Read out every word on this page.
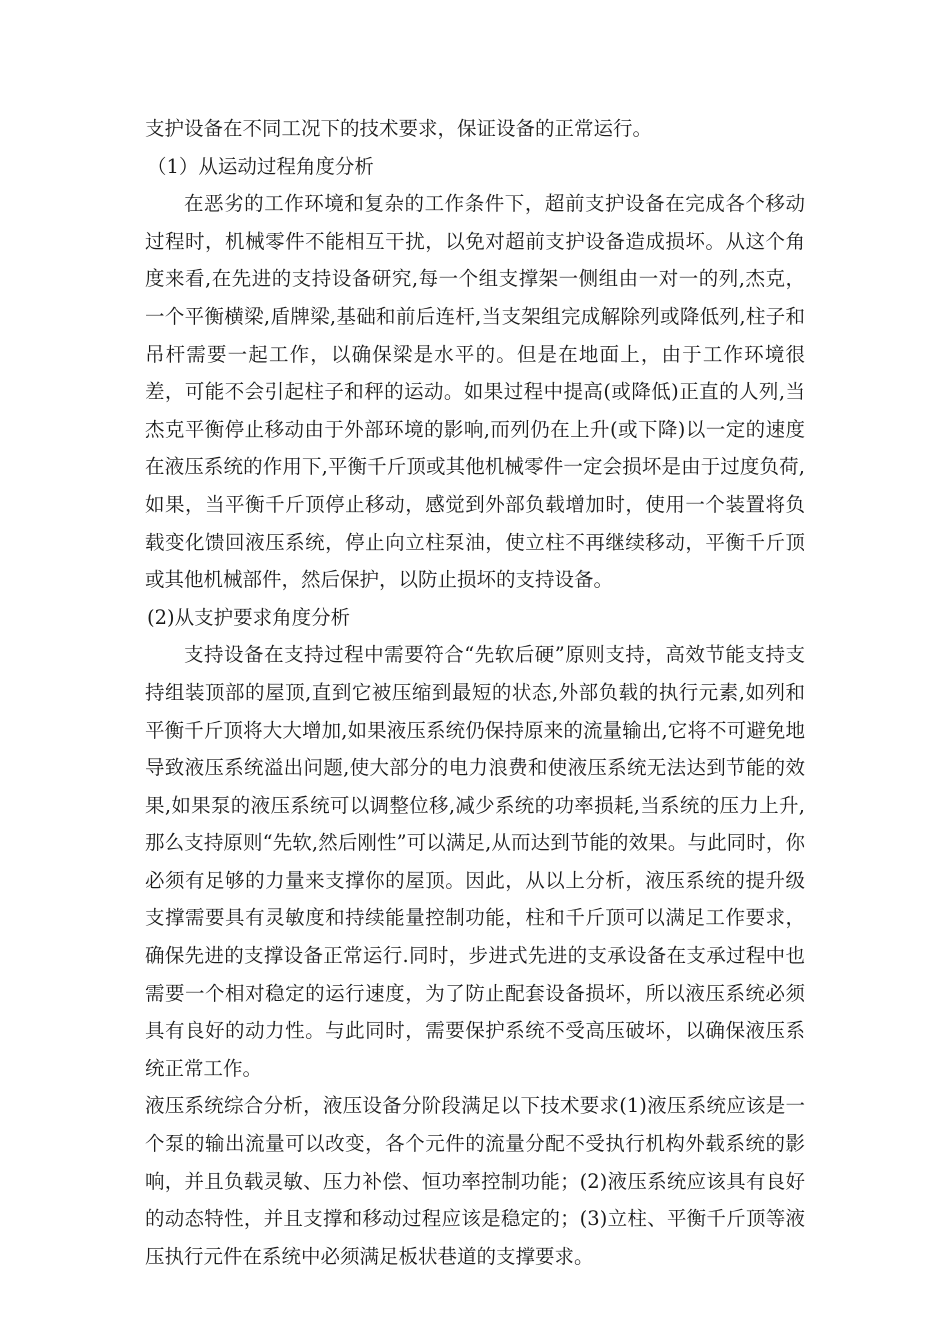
支护设备在不同工况下的技术要求，保证设备的正常运行。

（1）从运动过程角度分析

在恶劣的工作环境和复杂的工作条件下，超前支护设备在完成各个移动过程时，机械零件不能相互干扰，以免对超前支护设备造成损坏。从这个角度来看,在先进的支持设备研究,每一个组支撑架一侧组由一对一的列,杰克，一个平衡横梁,盾牌梁,基础和前后连杆,当支架组完成解除列或降低列,柱子和吊杆需要一起工作，以确保梁是水平的。但是在地面上，由于工作环境很差，可能不会引起柱子和秤的运动。如果过程中提高(或降低)正直的人列,当杰克平衡停止移动由于外部环境的影响,而列仍在上升(或下降)以一定的速度在液压系统的作用下,平衡千斤顶或其他机械零件一定会损坏是由于过度负荷,如果，当平衡千斤顶停止移动，感觉到外部负载增加时，使用一个装置将负载变化馈回液压系统，停止向立柱泵油，使立柱不再继续移动，平衡千斤顶或其他机械部件，然后保护，以防止损坏的支持设备。

(2)从支护要求角度分析

支持设备在支持过程中需要符合“先软后硬”原则支持，高效节能支持支持组装顶部的屋顶,直到它被压缩到最短的状态,外部负载的执行元素,如列和平衡千斤顶将大大增加,如果液压系统仍保持原来的流量输出,它将不可避免地导致液压系统溢出问题,使大部分的电力浪费和使液压系统无法达到节能的效果,如果泵的液压系统可以调整位移,减少系统的功率损耗,当系统的压力上升,那么支持原则“先软,然后刚性”可以满足,从而达到节能的效果。与此同时，你必须有足够的力量来支撑你的屋顶。因此，从以上分析，液压系统的提升级支撑需要具有灵敏度和持续能量控制功能，柱和千斤顶可以满足工作要求，确保先进的支撑设备正常运行.同时，步进式先进的支承设备在支承过程中也需要一个相对稳定的运行速度，为了防止配套设备损坏，所以液压系统必须具有良好的动力性。与此同时，需要保护系统不受高压破坏，以确保液压系统正常工作。

液压系统综合分析，液压设备分阶段满足以下技术要求(1)液压系统应该是一个泵的输出流量可以改变，各个元件的流量分配不受执行机构外载系统的影响，并且负载灵敏、压力补偿、恒功率控制功能；(2)液压系统应该具有良好的动态特性，并且支撑和移动过程应该是稳定的；(3)立柱、平衡千斤顶等液压执行元件在系统中必须满足板状巷道的支撑要求。
